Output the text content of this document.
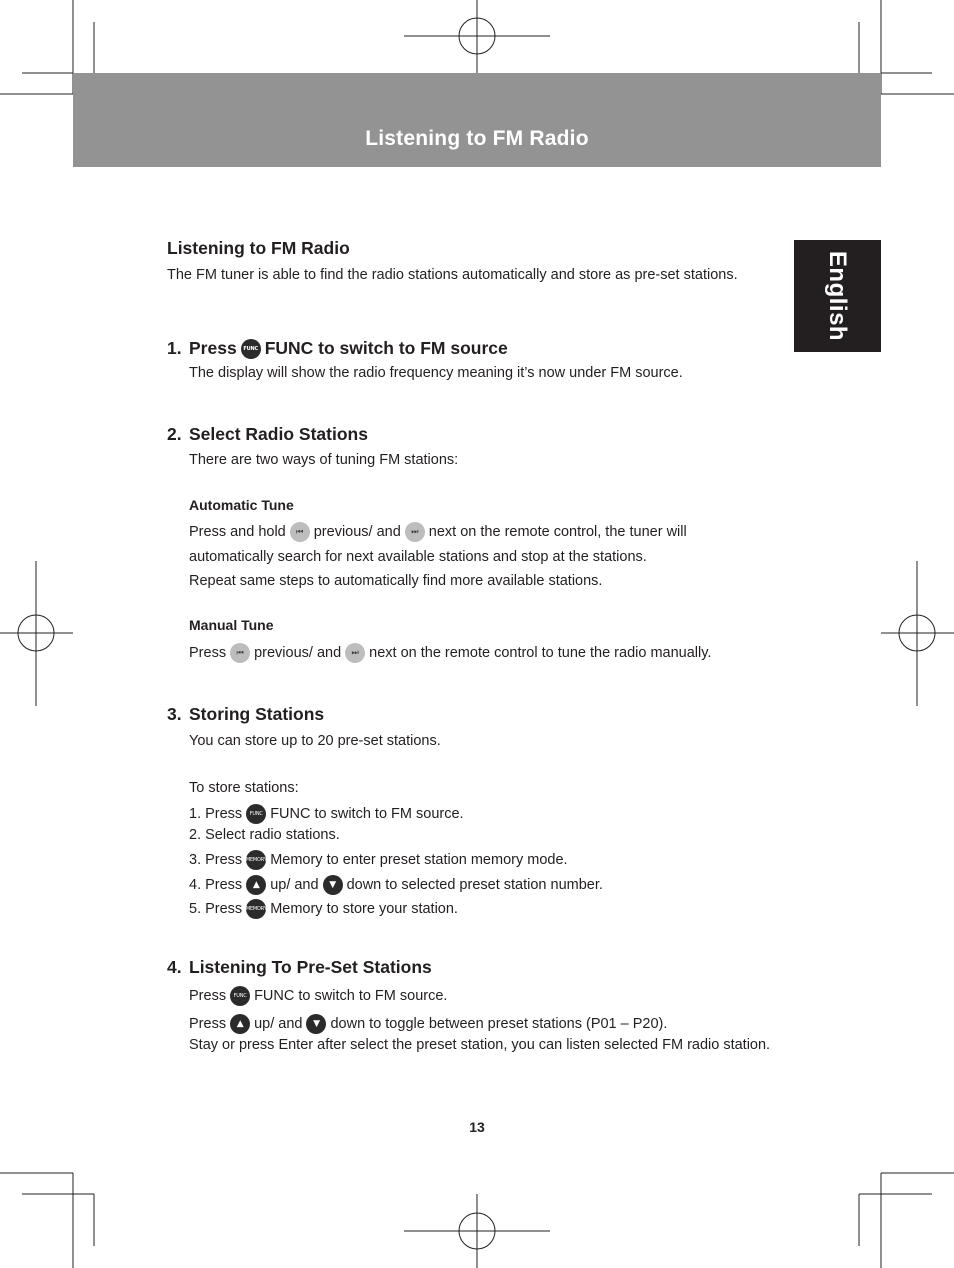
Listening to FM Radio
English
Listening to FM Radio
The FM tuner is able to find the radio stations automatically and store as pre-set stations.
1. Press	FUNC FUNC to switch to FM source
The display will show the radio frequency meaning it’s now under FM source.
2. Select Radio Stations
There are two ways of tuning FM stations:
Automatic Tune
Press and hold	⏮ previous/ and	⏭ next on the remote control, the tuner will
automatically search for next available stations and stop at the stations.
Repeat same steps to automatically find more available stations.
Manual Tune
Press	⏮ previous/ and	⏭ next on the remote control to tune the radio manually.
3. Storing Stations
You can store up to 20 pre-set stations.
To store stations:
1. Press	FUNC FUNC to switch to FM source.
2. Select radio stations.
3. Press MEMORY Memory to enter preset station memory mode.
4. Press	▲ up/ and	▼ down to selected preset station number.
5. Press MEMORY Memory to store your station.
4. Listening To Pre-Set Stations
Press	FUNC FUNC to switch to FM source.
Press	▲ up/ and	▼ down to toggle between preset stations (P01 – P20).
Stay or press Enter after select the preset station, you can listen selected FM radio station.
13
